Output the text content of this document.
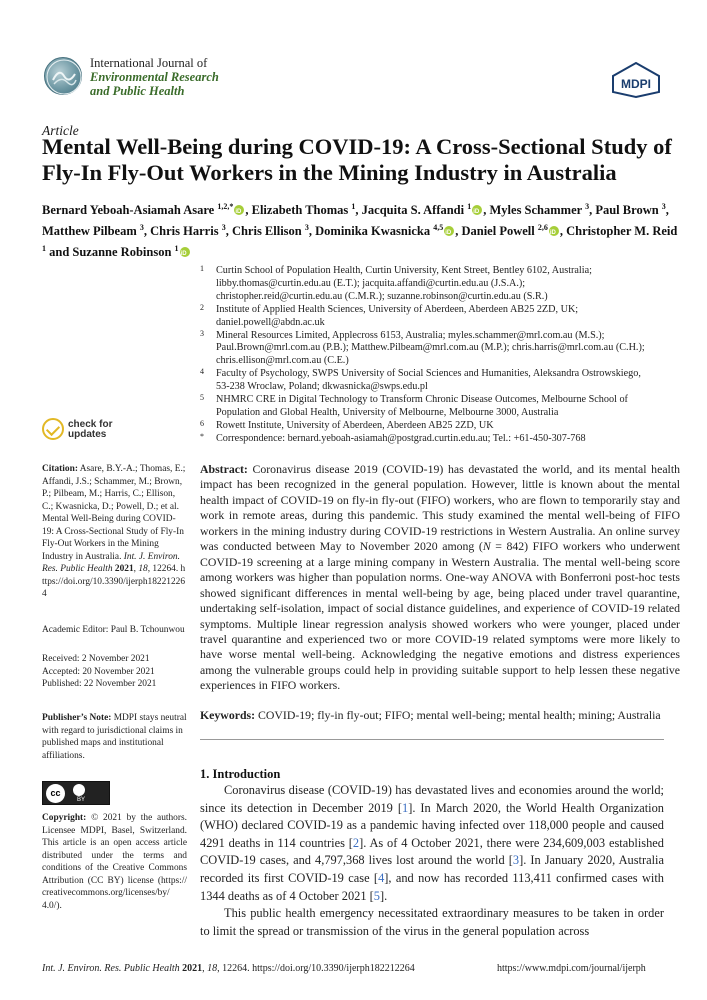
International Journal of
Environmental Research
and Public Health	MDPI
Article
Mental Well-Being during COVID-19: A Cross-Sectional Study of Fly-In Fly-Out Workers in the Mining Industry in Australia
Bernard Yeboah-Asiamah Asare $^{1,2,*}$ iD , Elizabeth Thomas $^1$, Jacquita S. Affandi $^1$ iD , Myles Schammer $^3$, Paul Brown $^3$, Matthew Pilbeam $^3$, Chris Harris $^3$, Chris Ellison $^3$, Dominika Kwasnicka $^{4,5}$ iD , Daniel Powell $^{2,6}$ iD , Christopher M. Reid $^1$ and Suzanne Robinson $^1$iD
1 Curtin School of Population Health, Curtin University, Kent Street, Bentley 6102, Australia;
libby.thomas@curtin.edu.au (E.T.); jacquita.affandi@curtin.edu.au (J.S.A.);
christopher.reid@curtin.edu.au (C.M.R.); suzanne.robinson@curtin.edu.au (S.R.)
2 Institute of Applied Health Sciences, University of Aberdeen, Aberdeen AB25 2ZD, UK;
daniel.powell@abdn.ac.uk
3 Mineral Resources Limited, Applecross 6153, Australia; myles.schammer@mrl.com.au (M.S.);
Paul.Brown@mrl.com.au (P.B.); Matthew.Pilbeam@mrl.com.au (M.P.); chris.harris@mrl.com.au (C.H.);
chris.ellison@mrl.com.au (C.E.)
4 Faculty of Psychology, SWPS University of Social Sciences and Humanities, Aleksandra Ostrowskiego,
53-238 Wroclaw, Poland; dkwasnicka@swps.edu.pl
5 NHMRC CRE in Digital Technology to Transform Chronic Disease Outcomes, Melbourne School of
Population and Global Health, University of Melbourne, Melbourne 3000, Australia
6 Rowett Institute, University of Aberdeen, Aberdeen AB25 2ZD, UK
* Correspondence: bernard.yeboah-asiamah@postgrad.curtin.edu.au; Tel.: +61-450-307-768
check for
updates
Citation: Asare, B.Y.-A.; Thomas, E.; Affandi, J.S.; Schammer, M.; Brown, P.; Pilbeam, M.; Harris, C.; Ellison, C.; Kwasnicka, D.; Powell, D.; et al. Mental Well-Being during COVID-19: A Cross-Sectional Study of Fly-In Fly-Out Workers in the Mining Industry in Australia. Int. J. Environ. Res. Public Health 2021, 18, 12264. https://doi.org/10.3390/ijerph182212264
Academic Editor: Paul B. Tchounwou
Received: 2 November 2021
Accepted: 20 November 2021
Published: 22 November 2021
Publisher’s Note: MDPI stays neutral with regard to jurisdictional claims in published maps and institutional affiliations.
cc
BY
Copyright: © 2021 by the authors. Licensee MDPI, Basel, Switzerland. This article is an open access article distributed under the terms and conditions of the Creative Commons Attribution (CC BY) license (https:// creativecommons.org/licenses/by/ 4.0/).
Abstract: Coronavirus disease 2019 (COVID-19) has devastated the world, and its mental health impact has been recognized in the general population. However, little is known about the mental health impact of COVID-19 on fly-in fly-out (FIFO) workers, who are flown to temporarily stay and work in remote areas, during this pandemic. This study examined the mental well-being of FIFO workers in the mining industry during COVID-19 restrictions in Western Australia. An online survey was conducted between May to November 2020 among (N = 842) FIFO workers who underwent COVID-19 screening at a large mining company in Western Australia. The mental well-being score among workers was higher than population norms. One-way ANOVA with Bonferroni post-hoc tests showed significant differences in mental well-being by age, being placed under travel quarantine, undertaking self-isolation, impact of social distance guidelines, and experience of COVID-19 related symptoms. Multiple linear regression analysis showed workers who were younger, placed under travel quarantine and experienced two or more COVID-19 related symptoms were more likely to have worse mental well-being. Acknowledging the negative emotions and distress experiences among the vulnerable groups could help in providing suitable support to help lessen these negative experiences in FIFO workers.
Keywords: COVID-19; fly-in fly-out; FIFO; mental well-being; mental health; mining; Australia
1. Introduction

Coronavirus disease (COVID-19) has devastated lives and economies around the world; since its detection in December 2019 [1]. In March 2020, the World Health Organization (WHO) declared COVID-19 as a pandemic having infected over 118,000 people and caused 4291 deaths in 114 countries [2]. As of 4 October 2021, there were 234,609,003 established COVID-19 cases, and 4,797,368 lives lost around the world [3]. In January 2020, Australia recorded its first COVID-19 case [4], and now has recorded 113,411 confirmed cases with 1344 deaths as of 4 October 2021 [5].

This public health emergency necessitated extraordinary measures to be taken in order to limit the spread or transmission of the virus in the general population across

Int. J. Environ. Res. Public Health 2021, 18, 12264. https://doi.org/10.3390/ijerph182212264	https://www.mdpi.com/journal/ijerph
